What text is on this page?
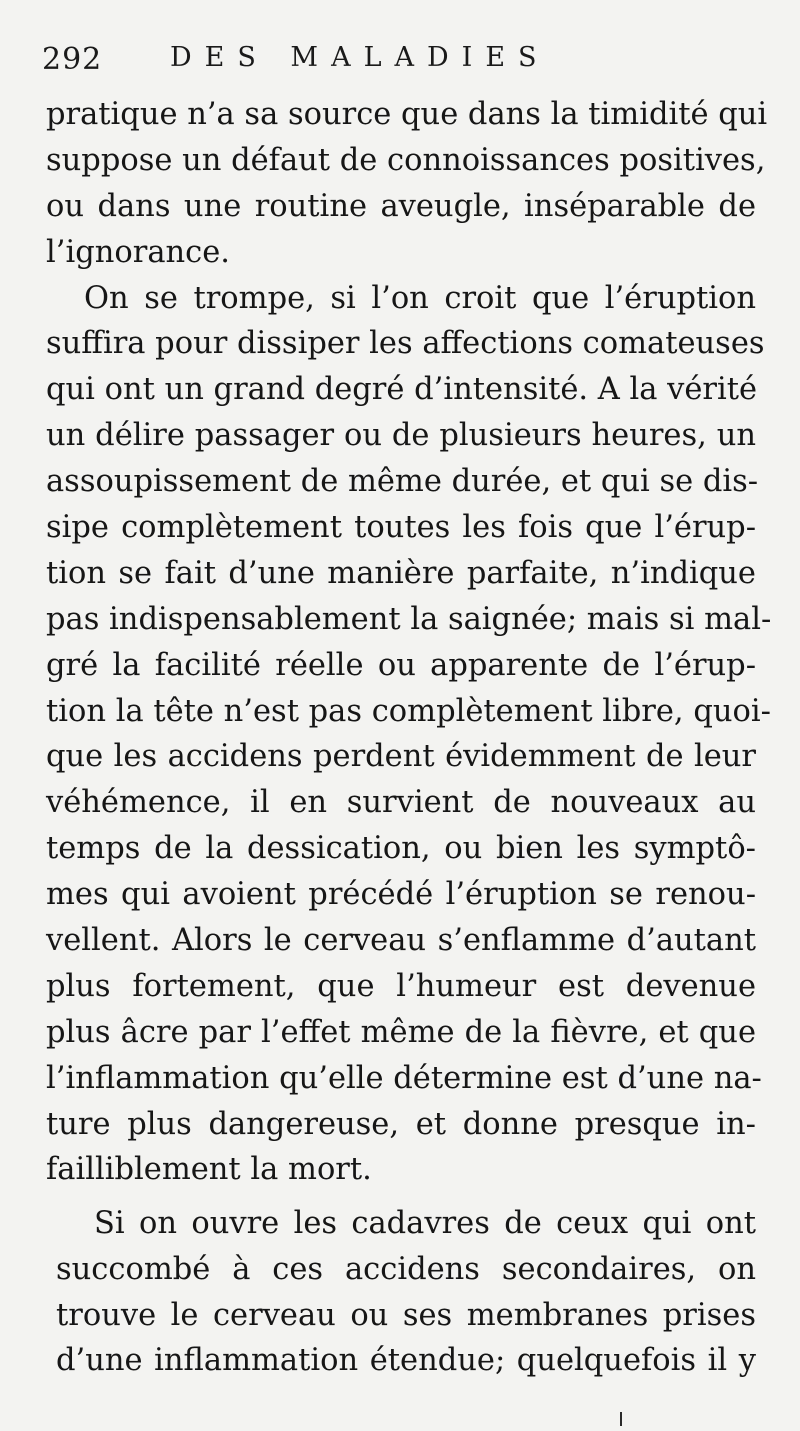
292	DES MALADIES
pratique n’a sa source que dans la timidité qui
suppose un défaut de connoissances positives,
ou dans une routine aveugle, inséparable de
l’ignorance.
On se trompe, si l’on croit que l’éruption
suffira pour dissiper les affections comateuses
qui ont un grand degré d’intensité. A la vérité
un délire passager ou de plusieurs heures, un
assoupissement de même durée, et qui se dis-
sipe complètement toutes les fois que l’érup-
tion se fait d’une manière parfaite, n’indique
pas indispensablement la saignée; mais si mal-
gré la facilité réelle ou apparente de l’érup-
tion la tête n’est pas complètement libre, quoi-
que les accidens perdent évidemment de leur
véhémence, il en survient de nouveaux au
temps de la dessication, ou bien les symptô-
mes qui avoient précédé l’éruption se renou-
vellent. Alors le cerveau s’enflamme d’autant
plus fortement, que l’humeur est devenue
plus âcre par l’effet même de la fièvre, et que
l’inflammation qu’elle détermine est d’une na-
ture plus dangereuse, et donne presque in-
failliblement la mort.
Si on ouvre les cadavres de ceux qui ont
succombé à ces accidens secondaires, on
trouve le cerveau ou ses membranes prises
d’une inflammation étendue; quelquefois il y
